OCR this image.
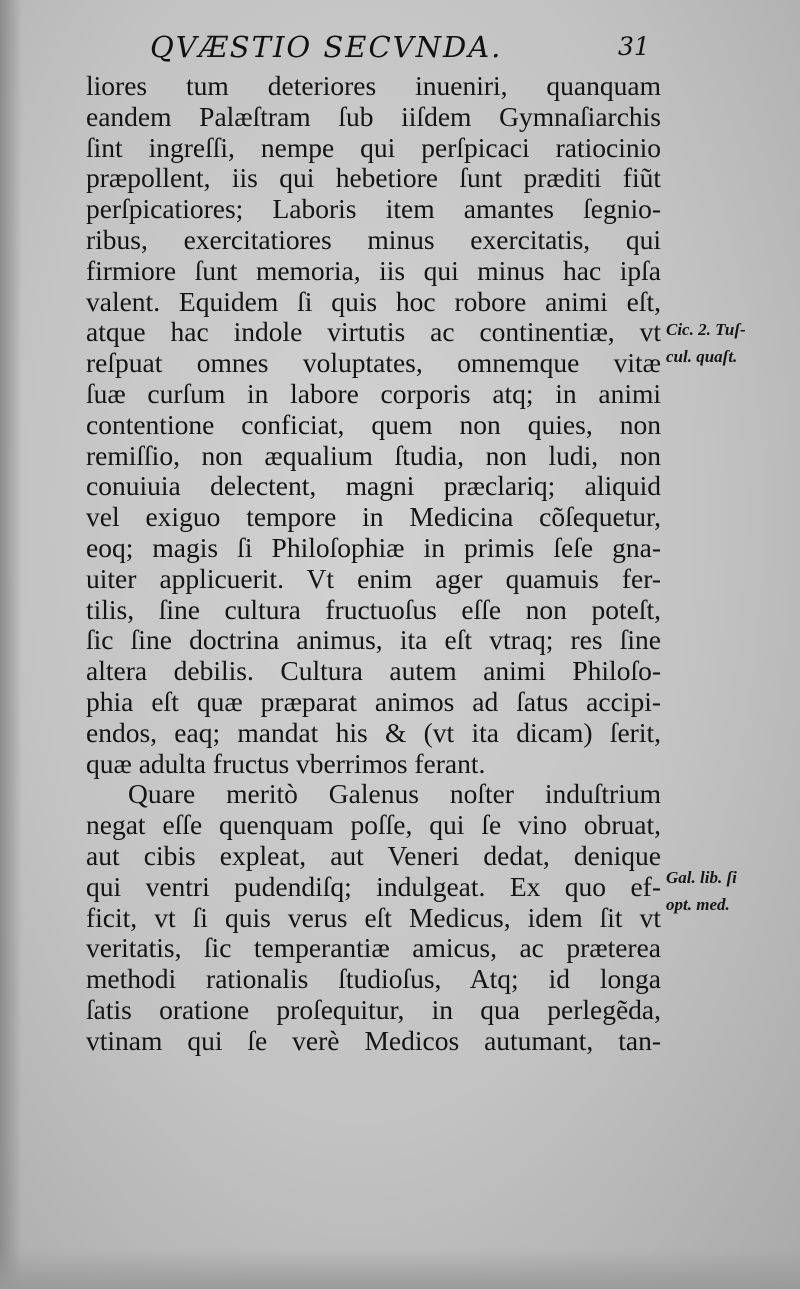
QVÆSTIO SECVNDA.	31
liores tum deteriores inueniri, quanquam
eandem Palæſtram ſub iiſdem Gymnaſiarchis
ſint ingreſſi, nempe qui perſpicaci ratiocinio
præpollent, iis qui hebetiore ſunt præditi fiũt
perſpicatiores; Laboris item amantes ſegnio-
ribus, exercitatiores minus exercitatis, qui
firmiore ſunt memoria, iis qui minus hac ipſa
valent. Equidem ſi quis hoc robore animi eſt,
atque hac indole virtutis ac continentiæ, vt
reſpuat omnes voluptates, omnemque vitæ
ſuæ curſum in labore corporis atq; in animi
contentione conficiat, quem non quies, non
remiſſio, non æqualium ſtudia, non ludi, non
conuiuia delectent, magni præclariq; aliquid
vel exiguo tempore in Medicina cõſequetur,
eoq; magis ſi Philoſophiæ in primis ſeſe gna-
uiter applicuerit. Vt enim ager quamuis fer-
tilis, ſine cultura fructuoſus eſſe non poteſt,
ſic ſine doctrina animus, ita eſt vtraq; res ſine
altera debilis. Cultura autem animi Philoſo-
phia eſt quæ præparat animos ad ſatus accipi-
endos, eaq; mandat his & (vt ita dicam) ſerit,
quæ adulta fructus vberrimos ferant.
Quare meritò Galenus noſter induſtrium
negat eſſe quenquam poſſe, qui ſe vino obruat,
aut cibis expleat, aut Veneri dedat, denique
qui ventri pudendiſq; indulgeat. Ex quo ef-
ficit, vt ſi quis verus eſt Medicus, idem ſit vt
veritatis, ſic temperantiæ amicus, ac præterea
methodi rationalis ſtudioſus, Atq; id longa
ſatis oratione proſequitur, in qua perlegẽda,
vtinam qui ſe verè Medicos autumant, tan-
Cic. 2. Tuſ-
cul. quaſt.
Gal. lib. ſi
opt. med.
